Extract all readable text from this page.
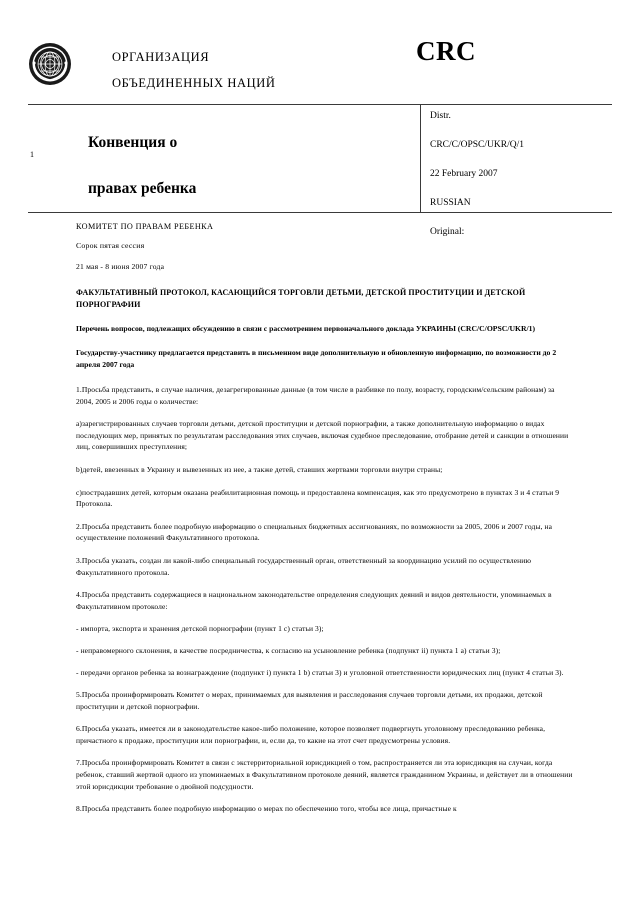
ОРГАНИЗАЦИЯ
ОБЪЕДИНЕННЫХ НАЦИЙ
CRC
1
Конвенция о
правах ребенка
Distr.
CRC/C/OPSC/UKR/Q/1
22 February 2007
RUSSIAN
Original:
КОМИТЕТ ПО ПРАВАМ РЕБЕНКА
Сорок пятая сессия
21 мая - 8 июня 2007 года
ФАКУЛЬТАТИВНЫЙ ПРОТОКОЛ, КАСАЮЩИЙСЯ ТОРГОВЛИ ДЕТЬМИ, ДЕТСКОЙ ПРОСТИТУЦИИ И ДЕТСКОЙ ПОРНОГРАФИИ
Перечень вопросов, подлежащих обсуждению в связи с рассмотрением первоначального доклада УКРАИНЫ (CRC/C/OPSC/UKR/1)
Государству-участнику предлагается представить в письменном виде дополнительную и обновленную информацию, по возможности до 2 апреля 2007 года
1.Просьба представить, в случае наличия, дезагрегированные данные (в том числе в разбивке по полу, возрасту, городским/сельским районам) за 2004, 2005 и 2006 годы о количестве:
a)зарегистрированных случаев торговли детьми, детской проституции и детской порнографии, а также дополнительную информацию о видах последующих мер, принятых по результатам расследования этих случаев, включая судебное преследование, отобрание детей и санкции в отношении лиц, совершивших преступления;
b)детей, ввезенных в Украину и вывезенных из нее, а также детей, ставших жертвами торговли внутри страны;
c)пострадавших детей, которым оказана реабилитационная помощь и предоставлена компенсация, как это предусмотрено в пунктах 3 и 4 статьи 9 Протокола.
2.Просьба представить более подробную информацию о специальных бюджетных ассигнованиях, по возможности за 2005, 2006 и 2007 годы, на осуществление положений Факультативного протокола.
3.Просьба указать, создан ли какой-либо специальный государственный орган, ответственный за координацию усилий по осуществлению Факультативного протокола.
4.Просьба представить содержащиеся в национальном законодательстве определения следующих деяний и видов деятельности, упоминаемых в Факультативном протоколе:
- импорта, экспорта и хранения детской порнографии (пункт 1 с) статьи 3);
- неправомерного склонения, в качестве посредничества, к согласию на усыновление ребенка (подпункт ii) пункта 1 a) статьи 3);
- передачи органов ребенка за вознаграждение (подпункт i) пункта 1 b) статьи 3) и уголовной ответственности юридических лиц (пункт 4 статьи 3).
5.Просьба проинформировать Комитет о мерах, принимаемых для выявления и расследования случаев торговли детьми, их продажи, детской проституции и детской порнографии.
6.Просьба указать, имеется ли в законодательстве какое-либо положение, которое позволяет подвергнуть уголовному преследованию ребенка, причастного к продаже, проституции или порнографии, и, если да, то какие на этот счет предусмотрены условия.
7.Просьба проинформировать Комитет в связи с экстерриториальной юрисдикцией о том, распространяется ли эта юрисдикция на случаи, когда ребенок, ставший жертвой одного из упоминаемых в Факультативном протоколе деяний, является гражданином Украины, и действует ли в отношении этой юрисдикции требование о двойной подсудности.
8.Просьба представить более подробную информацию о мерах по обеспечению того, чтобы все лица, причастные к
